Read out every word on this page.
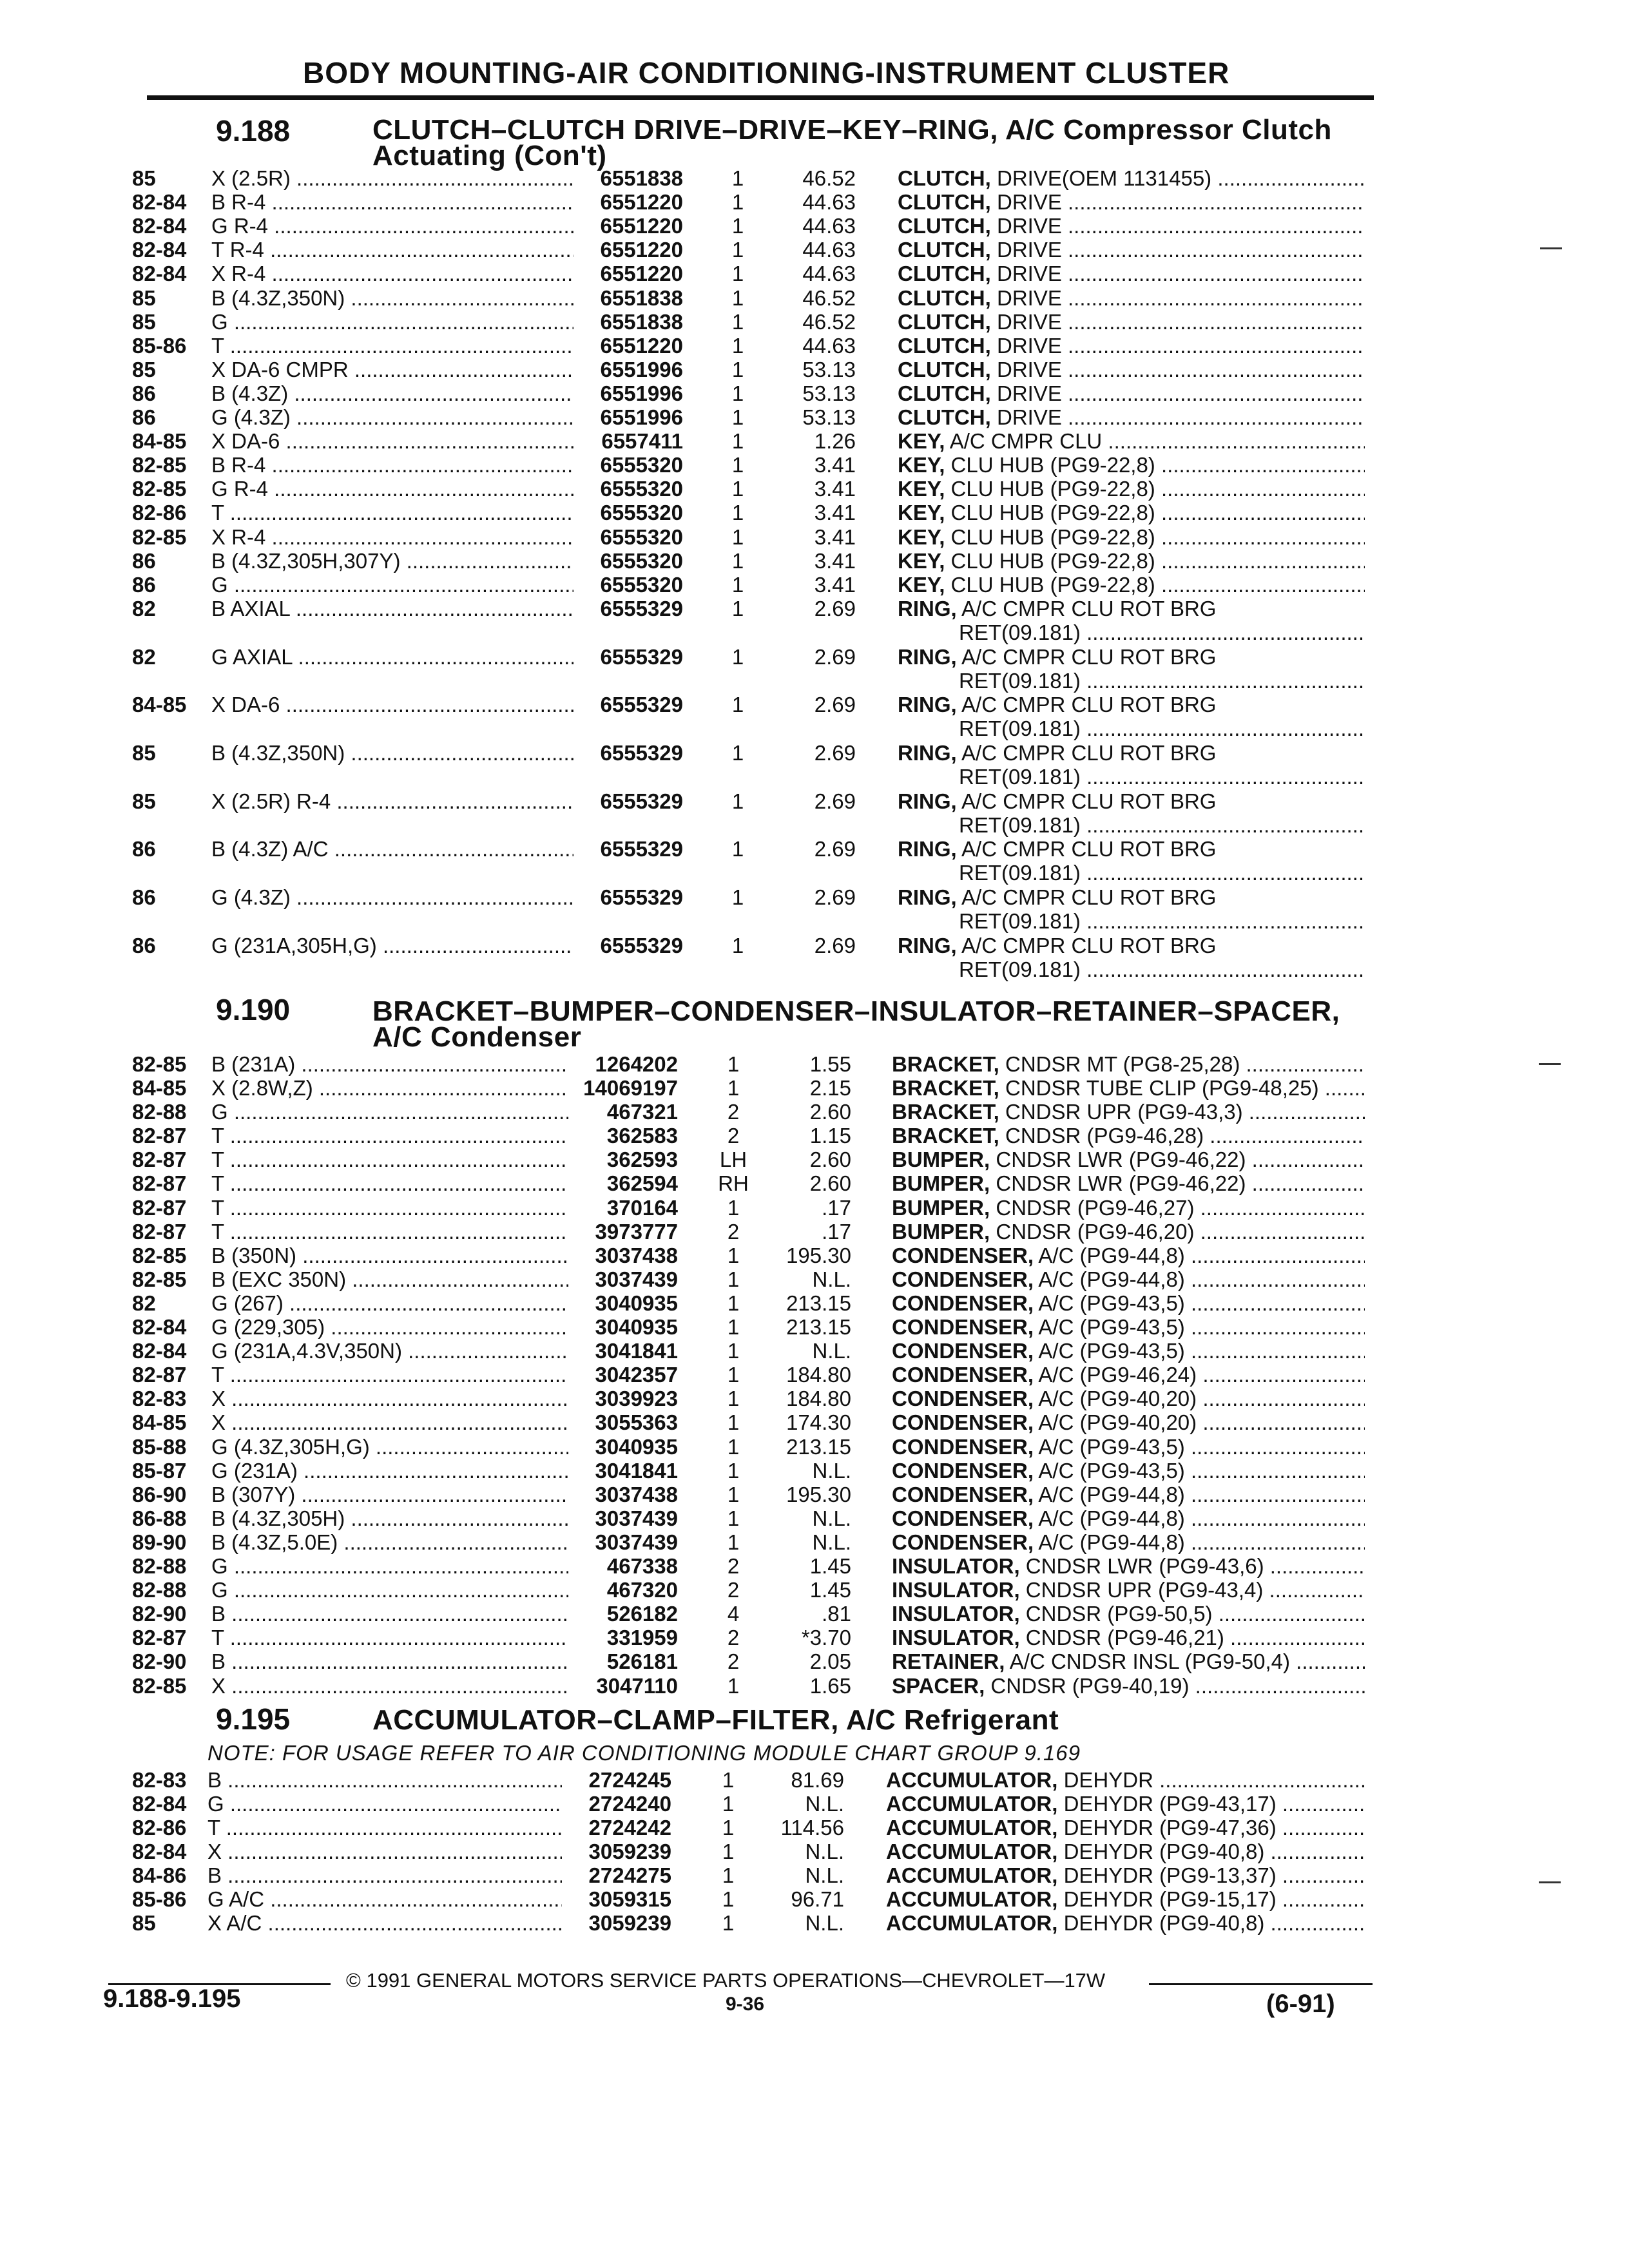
BODY MOUNTING-AIR CONDITIONING-INSTRUMENT CLUSTER
9.188	CLUTCH–CLUTCH DRIVE–DRIVE–KEY–RING, A/C Compressor Clutch
Actuating (Con't)
85	X (2.5R) .....	6551838	1	46.52 CLUTCH, DRIVE(OEM 1131455) .....
82-84 B R-4 .....	6551220	1	44.63 CLUTCH, DRIVE .....
82-84 G R-4 .....	6551220	1	44.63 CLUTCH, DRIVE .....
82-84 T R-4 .....	6551220	1	44.63 CLUTCH, DRIVE .....
82-84 X R-4 .....	6551220	1	44.63 CLUTCH, DRIVE .....
85	B (4.3Z,350N) .....	6551838	1	46.52 CLUTCH, DRIVE .....
85	G .....	6551838	1	46.52 CLUTCH, DRIVE .....
85-86 T .....	6551220	1	44.63 CLUTCH, DRIVE .....
85	X DA-6 CMPR .....	6551996	1	53.13 CLUTCH, DRIVE .....
86	B (4.3Z) .....	6551996	1	53.13 CLUTCH, DRIVE .....
86	G (4.3Z) .....	6551996	1	53.13 CLUTCH, DRIVE .....
84-85 X DA-6 .....	6557411	1	1.26 KEY, A/C CMPR CLU .....
82-85 B R-4 .....	6555320	1	3.41 KEY, CLU HUB (PG9-22,8) .....
82-85 G R-4 .....	6555320	1	3.41 KEY, CLU HUB (PG9-22,8) .....
82-86 T .....	6555320	1	3.41 KEY, CLU HUB (PG9-22,8) .....
82-85 X R-4 .....	6555320	1	3.41 KEY, CLU HUB (PG9-22,8) .....
86	B (4.3Z,305H,307Y) .....	6555320	1	3.41 KEY, CLU HUB (PG9-22,8) .....
86	G .....	6555320	1	3.41 KEY, CLU HUB (PG9-22,8) .....
82	B AXIAL .....	6555329	1	2.69 RING, A/C CMPR CLU ROT BRG
RET(09.181) .....
82	G AXIAL .....	6555329	1	2.69 RING, A/C CMPR CLU ROT BRG
RET(09.181) .....
84-85 X DA-6 .....	6555329	1	2.69 RING, A/C CMPR CLU ROT BRG
RET(09.181) .....
85	B (4.3Z,350N) .....	6555329	1	2.69 RING, A/C CMPR CLU ROT BRG
RET(09.181) .....
85	X (2.5R) R-4 .....	6555329	1	2.69 RING, A/C CMPR CLU ROT BRG
RET(09.181) .....
86	B (4.3Z) A/C .....	6555329	1	2.69 RING, A/C CMPR CLU ROT BRG
RET(09.181) .....
86	G (4.3Z) .....	6555329	1	2.69 RING, A/C CMPR CLU ROT BRG
RET(09.181) .....
86	G (231A,305H,G) .....	6555329	1	2.69 RING, A/C CMPR CLU ROT BRG
RET(09.181) .....
9.190	BRACKET–BUMPER–CONDENSER–INSULATOR–RETAINER–SPACER,
A/C Condenser
82-85 B (231A) .....	1264202	1	1.55 BRACKET, CNDSR MT (PG8-25,28) .....
84-85 X (2.8W,Z) .....	14069197	1	2.15 BRACKET, CNDSR TUBE CLIP (PG9-48,25) .....
82-88 G .....	467321	2	2.60 BRACKET, CNDSR UPR (PG9-43,3) .....
82-87 T .....	362583	2	1.15 BRACKET, CNDSR (PG9-46,28) .....
82-87 T .....	362593	LH	2.60 BUMPER, CNDSR LWR (PG9-46,22) .....
82-87 T .....	362594	RH	2.60 BUMPER, CNDSR LWR (PG9-46,22) .....
82-87 T .....	370164	1	.17 BUMPER, CNDSR (PG9-46,27) .....
82-87 T .....	3973777	2	.17 BUMPER, CNDSR (PG9-46,20) .....
82-85 B (350N) .....	3037438	1	195.30 CONDENSER, A/C (PG9-44,8) .....
82-85 B (EXC 350N) .....	3037439	1	N.L. CONDENSER, A/C (PG9-44,8) .....
82	G (267) .....	3040935	1	213.15 CONDENSER, A/C (PG9-43,5) .....
82-84 G (229,305) .....	3040935	1	213.15 CONDENSER, A/C (PG9-43,5) .....
82-84 G (231A,4.3V,350N) .....	3041841	1	N.L. CONDENSER, A/C (PG9-43,5) .....
82-87 T .....	3042357	1	184.80 CONDENSER, A/C (PG9-46,24) .....
82-83 X .....	3039923	1	184.80 CONDENSER, A/C (PG9-40,20) .....
84-85 X .....	3055363	1	174.30 CONDENSER, A/C (PG9-40,20) .....
85-88 G (4.3Z,305H,G) .....	3040935	1	213.15 CONDENSER, A/C (PG9-43,5) .....
85-87 G (231A) .....	3041841	1	N.L. CONDENSER, A/C (PG9-43,5) .....
86-90 B (307Y) .....	3037438	1	195.30 CONDENSER, A/C (PG9-44,8) .....
86-88 B (4.3Z,305H) .....	3037439	1	N.L. CONDENSER, A/C (PG9-44,8) .....
89-90 B (4.3Z,5.0E) .....	3037439	1	N.L. CONDENSER, A/C (PG9-44,8) .....
82-88 G .....	467338	2	1.45 INSULATOR, CNDSR LWR (PG9-43,6) .....
82-88 G .....	467320	2	1.45 INSULATOR, CNDSR UPR (PG9-43,4) .....
82-90 B .....	526182	4	.81 INSULATOR, CNDSR (PG9-50,5) .....
82-87 T .....	331959	2	*3.70 INSULATOR, CNDSR (PG9-46,21) .....
82-90 B .....	526181	2	2.05 RETAINER, A/C CNDSR INSL (PG9-50,4) .....
82-85 X .....	3047110	1	1.65 SPACER, CNDSR (PG9-40,19) .....
9.195	ACCUMULATOR–CLAMP–FILTER, A/C Refrigerant
NOTE: FOR USAGE REFER TO AIR CONDITIONING MODULE CHART GROUP 9.169
82-83 B .....	2724245	1	81.69 ACCUMULATOR, DEHYDR .....
82-84 G .....	2724240	1	N.L. ACCUMULATOR, DEHYDR (PG9-43,17) .....
82-86 T .....	2724242	1	114.56 ACCUMULATOR, DEHYDR (PG9-47,36) .....
82-84 X .....	3059239	1	N.L. ACCUMULATOR, DEHYDR (PG9-40,8) .....
84-86 B .....	2724275	1	N.L. ACCUMULATOR, DEHYDR (PG9-13,37) .....
85-86 G A/C .....	3059315	1	96.71 ACCUMULATOR, DEHYDR (PG9-15,17) .....
85 X A/C .....	3059239	1	N.L. ACCUMULATOR, DEHYDR (PG9-40,8) .....
© 1991 GENERAL MOTORS SERVICE PARTS OPERATIONS—CHEVROLET—17W
9.188-9.195	9-36	(6-91)
